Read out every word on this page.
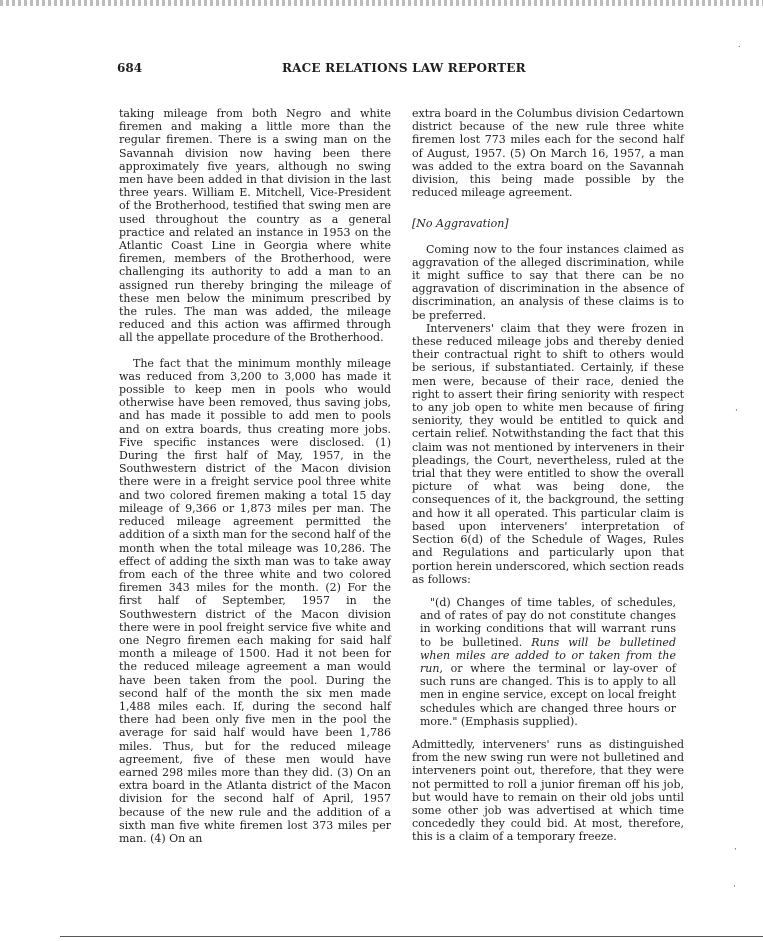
684	RACE RELATIONS LAW REPORTER

taking mileage from both Negro and white firemen and making a little more than the regular firemen. There is a swing man on the Savannah division now having been there approximately five years, although no swing men have been added in that division in the last three years. William E. Mitchell, Vice-President of the Brotherhood, testified that swing men are used throughout the country as a general practice and related an instance in 1953 on the Atlantic Coast Line in Georgia where white firemen, members of the Brotherhood, were challenging its authority to add a man to an assigned run thereby bringing the mileage of these men below the minimum prescribed by the rules. The man was added, the mileage reduced and this action was affirmed through all the appellate procedure of the Brotherhood.

The fact that the minimum monthly mileage was reduced from 3,200 to 3,000 has made it possible to keep men in pools who would otherwise have been removed, thus saving jobs, and has made it possible to add men to pools and on extra boards, thus creating more jobs. Five specific instances were disclosed. (1) During the first half of May, 1957, in the Southwestern district of the Macon division there were in a freight service pool three white and two colored firemen making a total 15 day mileage of 9,366 or 1,873 miles per man. The reduced mileage agreement permitted the addition of a sixth man for the second half of the month when the total mileage was 10,286. The effect of adding the sixth man was to take away from each of the three white and two colored firemen 343 miles for the month. (2) For the first half of September, 1957 in the Southwestern district of the Macon division there were in pool freight service five white and one Negro firemen each making for said half month a mileage of 1500. Had it not been for the reduced mileage agreement a man would have been taken from the pool. During the second half of the month the six men made 1,488 miles each. If, during the second half there had been only five men in the pool the average for said half would have been 1,786 miles. Thus, but for the reduced mileage agreement, five of these men would have earned 298 miles more than they did. (3) On an extra board in the Atlanta district of the Macon division for the second half of April, 1957 because of the new rule and the addition of a sixth man five white firemen lost 373 miles per man. (4) On an

extra board in the Columbus division Cedartown district because of the new rule three white firemen lost 773 miles each for the second half of August, 1957. (5) On March 16, 1957, a man was added to the extra board on the Savannah division, this being made possible by the reduced mileage agreement.

[No Aggravation]

Coming now to the four instances claimed as aggravation of the alleged discrimination, while it might suffice to say that there can be no aggravation of discrimination in the absence of discrimination, an analysis of these claims is to be preferred.

Interveners' claim that they were frozen in these reduced mileage jobs and thereby denied their contractual right to shift to others would be serious, if substantiated. Certainly, if these men were, because of their race, denied the right to assert their firing seniority with respect to any job open to white men because of firing seniority, they would be entitled to quick and certain relief. Notwithstanding the fact that this claim was not mentioned by interveners in their pleadings, the Court, nevertheless, ruled at the trial that they were entitled to show the overall picture of what was being done, the consequences of it, the background, the setting and how it all operated. This particular claim is based upon interveners' interpretation of Section 6(d) of the Schedule of Wages, Rules and Regulations and particularly upon that portion herein underscored, which section reads as follows:

"(d) Changes of time tables, of schedules, and of rates of pay do not constitute changes in working conditions that will warrant runs to be bulletined. Runs will be bulletined when miles are added to or taken from the run, or where the terminal or lay-over of such runs are changed. This is to apply to all men in engine service, except on local freight schedules which are changed three hours or more." (Emphasis supplied).

Admittedly, interveners' runs as distinguished from the new swing run were not bulletined and interveners point out, therefore, that they were not permitted to roll a junior fireman off his job, but would have to remain on their old jobs until some other job was advertised at which time concededly they could bid. At most, therefore, this is a claim of a temporary freeze.

˙
·
·
·
